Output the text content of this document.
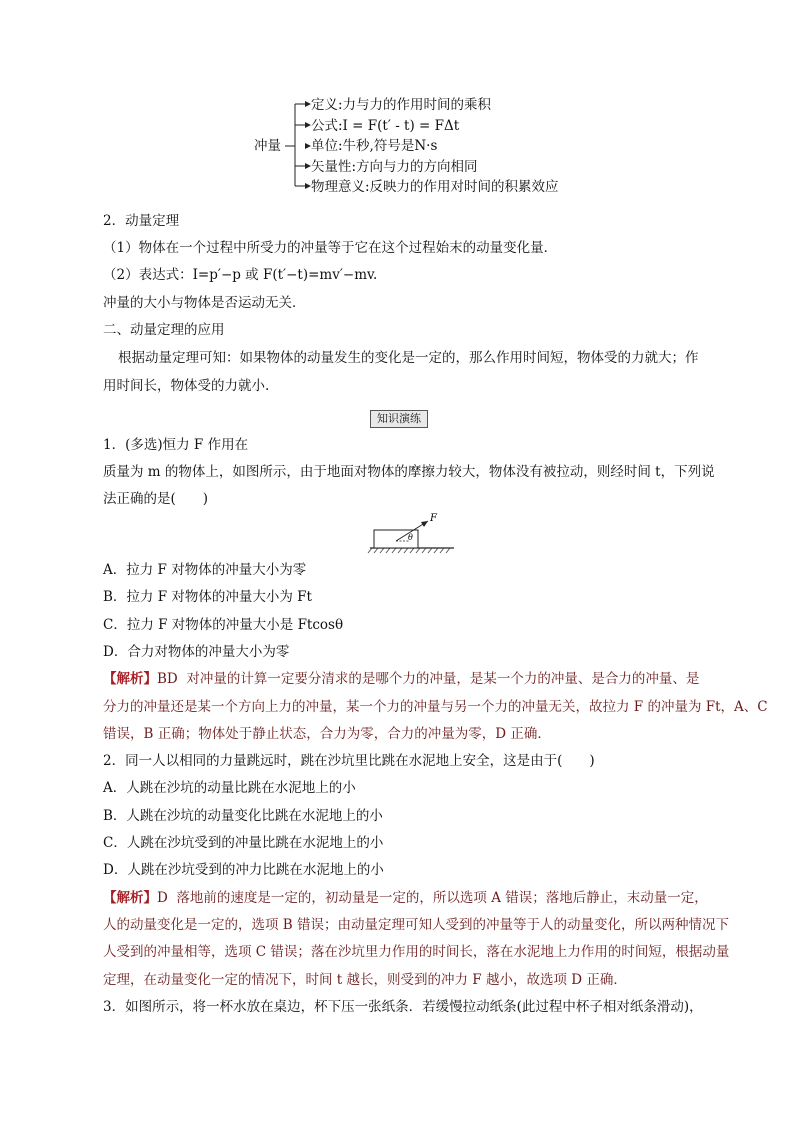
冲量
定义:力与力的作用时间的乘积
公式:I = F(t′ - t) = FΔt
单位:牛秒,符号是N·s
矢量性:方向与力的方向相同
物理意义:反映力的作用对时间的积累效应
2．动量定理
（1）物体在一个过程中所受力的冲量等于它在这个过程始末的动量变化量．
（2）表达式：I=p′−p 或 F(t′−t)=mv′−mv.
冲量的大小与物体是否运动无关．
二、动量定理的应用
根据动量定理可知：如果物体的动量发生的变化是一定的，那么作用时间短，物体受的力就大；作
用时间长，物体受的力就小.
知识演练
1．(多选)恒力 F 作用在
质量为 m 的物体上，如图所示，由于地面对物体的摩擦力较大，物体没有被拉动，则经时间 t，下列说
法正确的是(　　)
F
θ
A．拉力 F 对物体的冲量大小为零
B．拉力 F 对物体的冲量大小为 Ft
C．拉力 F 对物体的冲量大小是 Ftcosθ
D．合力对物体的冲量大小为零
【解析】BD 对冲量的计算一定要分清求的是哪个力的冲量，是某一个力的冲量、是合力的冲量、是
分力的冲量还是某一个方向上力的冲量，某一个力的冲量与另一个力的冲量无关，故拉力 F 的冲量为 Ft，A、C
错误，B 正确；物体处于静止状态，合力为零，合力的冲量为零，D 正确．
2．同一人以相同的力量跳远时，跳在沙坑里比跳在水泥地上安全，这是由于(　　)
A．人跳在沙坑的动量比跳在水泥地上的小
B．人跳在沙坑的动量变化比跳在水泥地上的小
C．人跳在沙坑受到的冲量比跳在水泥地上的小
D．人跳在沙坑受到的冲力比跳在水泥地上的小
【解析】D 落地前的速度是一定的，初动量是一定的，所以选项 A 错误；落地后静止，末动量一定，
人的动量变化是一定的，选项 B 错误；由动量定理可知人受到的冲量等于人的动量变化，所以两种情况下
人受到的冲量相等，选项 C 错误；落在沙坑里力作用的时间长，落在水泥地上力作用的时间短，根据动量
定理，在动量变化一定的情况下，时间 t 越长，则受到的冲力 F 越小，故选项 D 正确．
3．如图所示，将一杯水放在桌边，杯下压一张纸条．若缓慢拉动纸条(此过程中杯子相对纸条滑动)，
